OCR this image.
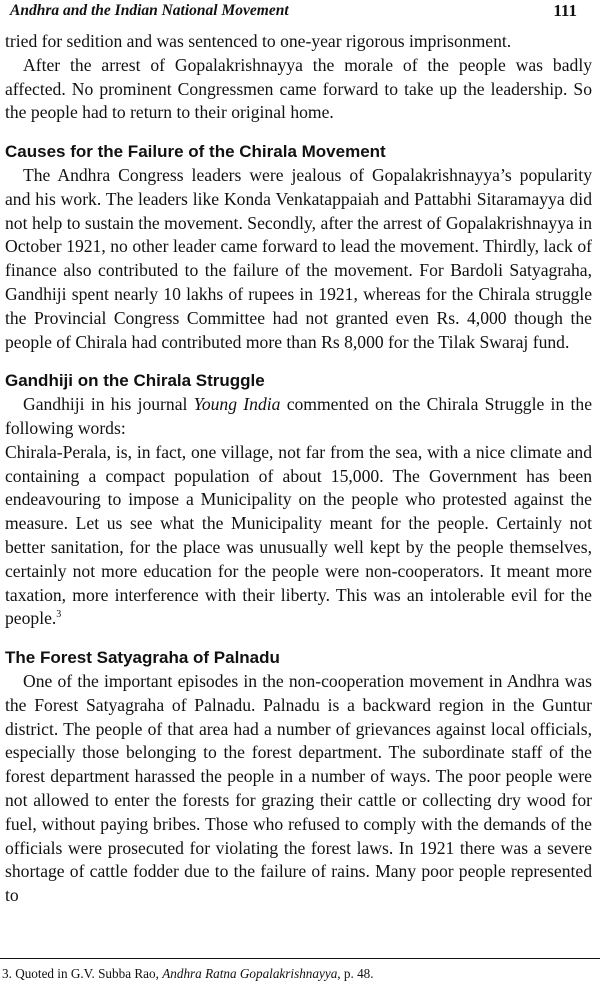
Andhra and the Indian National Movement	111

tried for sedition and was sentenced to one-year rigorous imprisonment.

After the arrest of Gopalakrishnayya the morale of the people was badly affected. No prominent Congressmen came forward to take up the leadership. So the people had to return to their original home.

Causes for the Failure of the Chirala Movement

The Andhra Congress leaders were jealous of Gopalakrishnayya’s popularity and his work. The leaders like Konda Venkatappaiah and Pattabhi Sitaramayya did not help to sustain the movement. Secondly, after the arrest of Gopalakrishnayya in October 1921, no other leader came forward to lead the movement. Thirdly, lack of finance also contributed to the failure of the movement. For Bardoli Satyagraha, Gandhiji spent nearly 10 lakhs of rupees in 1921, whereas for the Chirala struggle the Provincial Congress Committee had not granted even Rs. 4,000 though the people of Chirala had contributed more than Rs 8,000 for the Tilak Swaraj fund.

Gandhiji on the Chirala Struggle

Gandhiji in his journal Young India commented on the Chirala Struggle in the following words:

Chirala-Perala, is, in fact, one village, not far from the sea, with a nice climate and containing a compact population of about 15,000. The Government has been endeavouring to impose a Municipality on the people who protested against the measure. Let us see what the Municipality meant for the people. Certainly not better sanitation, for the place was unusually well kept by the people themselves, certainly not more education for the people were non-cooperators. It meant more taxation, more interference with their liberty. This was an intolerable evil for the people.$^3$

The Forest Satyagraha of Palnadu

One of the important episodes in the non-cooperation movement in Andhra was the Forest Satyagraha of Palnadu. Palnadu is a backward region in the Guntur district. The people of that area had a number of grievances against local officials, especially those belonging to the forest department. The subordinate staff of the forest department harassed the people in a number of ways. The poor people were not allowed to enter the forests for grazing their cattle or collecting dry wood for fuel, without paying bribes. Those who refused to comply with the demands of the officials were prosecuted for violating the forest laws. In 1921 there was a severe shortage of cattle fodder due to the failure of rains. Many poor people represented to

3. Quoted in G.V. Subba Rao, Andhra Ratna Gopalakrishnayya, p. 48.
